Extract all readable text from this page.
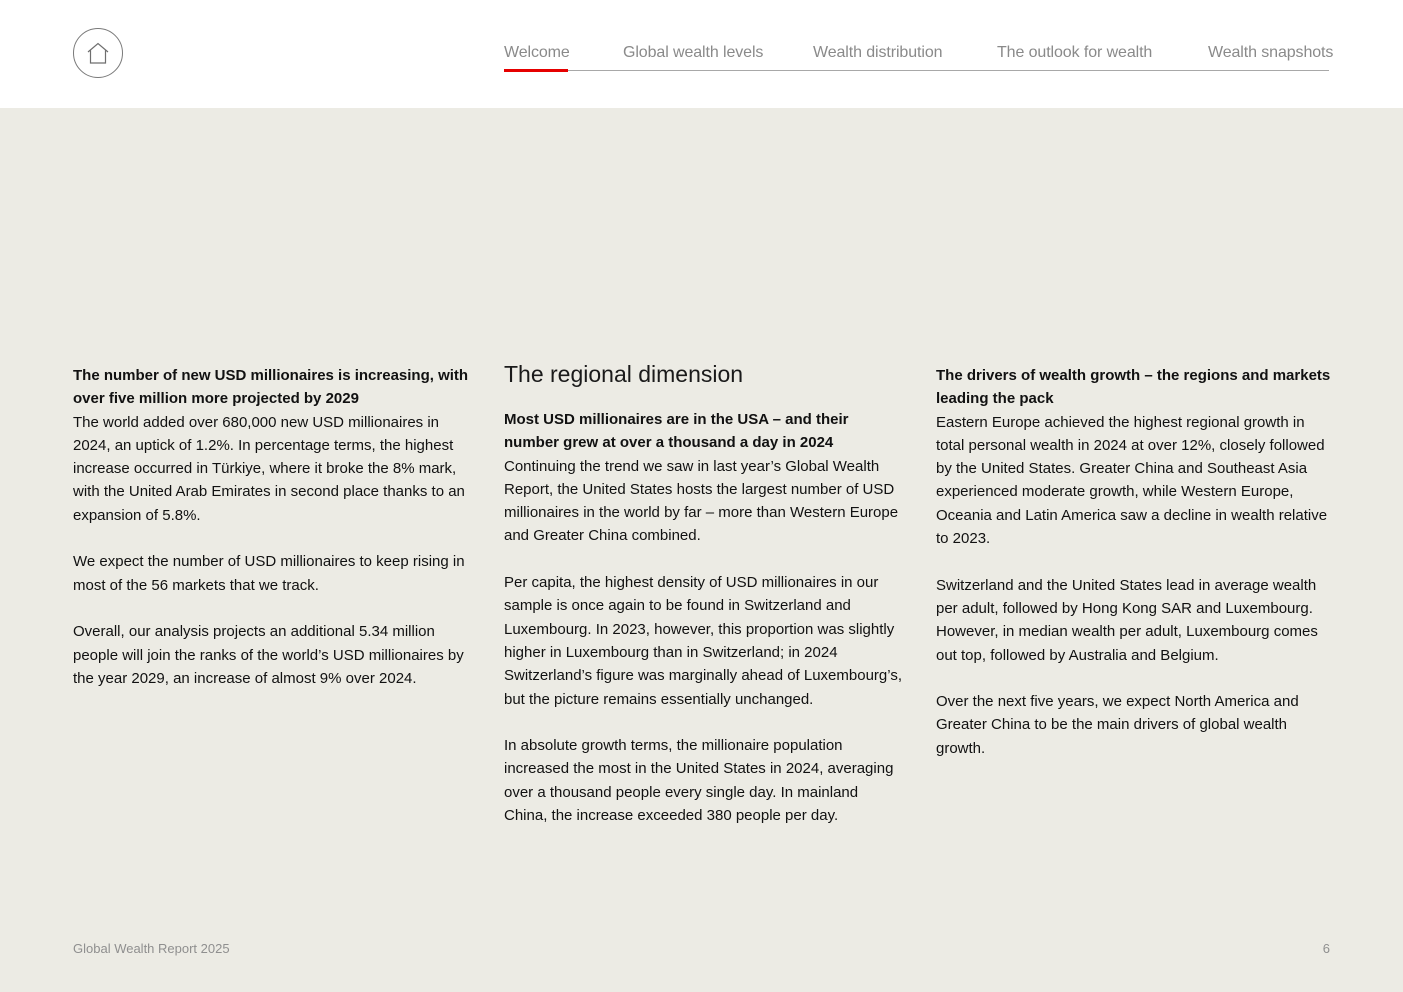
Welcome	Global wealth levels	Wealth distribution	The outlook for wealth	Wealth snapshots

The number of new USD millionaires is increasing, with over five million more projected by 2029

The world added over 680,000 new USD millionaires in 2024, an uptick of 1.2%. In percentage terms, the highest increase occurred in Türkiye, where it broke the 8% mark, with the United Arab Emirates in second place thanks to an expansion of 5.8%.

We expect the number of USD millionaires to keep rising in most of the 56 markets that we track.

Overall, our analysis projects an additional 5.34 million people will join the ranks of the world’s USD millionaires by the year 2029, an increase of almost 9% over 2024.

The regional dimension

Most USD millionaires are in the USA – and their number grew at over a thousand a day in 2024

Continuing the trend we saw in last year’s Global Wealth Report, the United States hosts the largest number of USD millionaires in the world by far – more than Western Europe and Greater China combined.

Per capita, the highest density of USD millionaires in our sample is once again to be found in Switzerland and Luxembourg. In 2023, however, this proportion was slightly higher in Luxembourg than in Switzerland; in 2024 Switzerland’s figure was marginally ahead of Luxembourg’s, but the picture remains essentially unchanged.

In absolute growth terms, the millionaire population increased the most in the United States in 2024, averaging over a thousand people every single day. In mainland China, the increase exceeded 380 people per day.

The drivers of wealth growth – the regions and markets leading the pack

Eastern Europe achieved the highest regional growth in total personal wealth in 2024 at over 12%, closely followed by the United States. Greater China and Southeast Asia experienced moderate growth, while Western Europe, Oceania and Latin America saw a decline in wealth relative to 2023.

Switzerland and the United States lead in average wealth per adult, followed by Hong Kong SAR and Luxembourg. However, in median wealth per adult, Luxembourg comes out top, followed by Australia and Belgium.

Over the next five years, we expect North America and Greater China to be the main drivers of global wealth growth.

Global Wealth Report 2025	6
